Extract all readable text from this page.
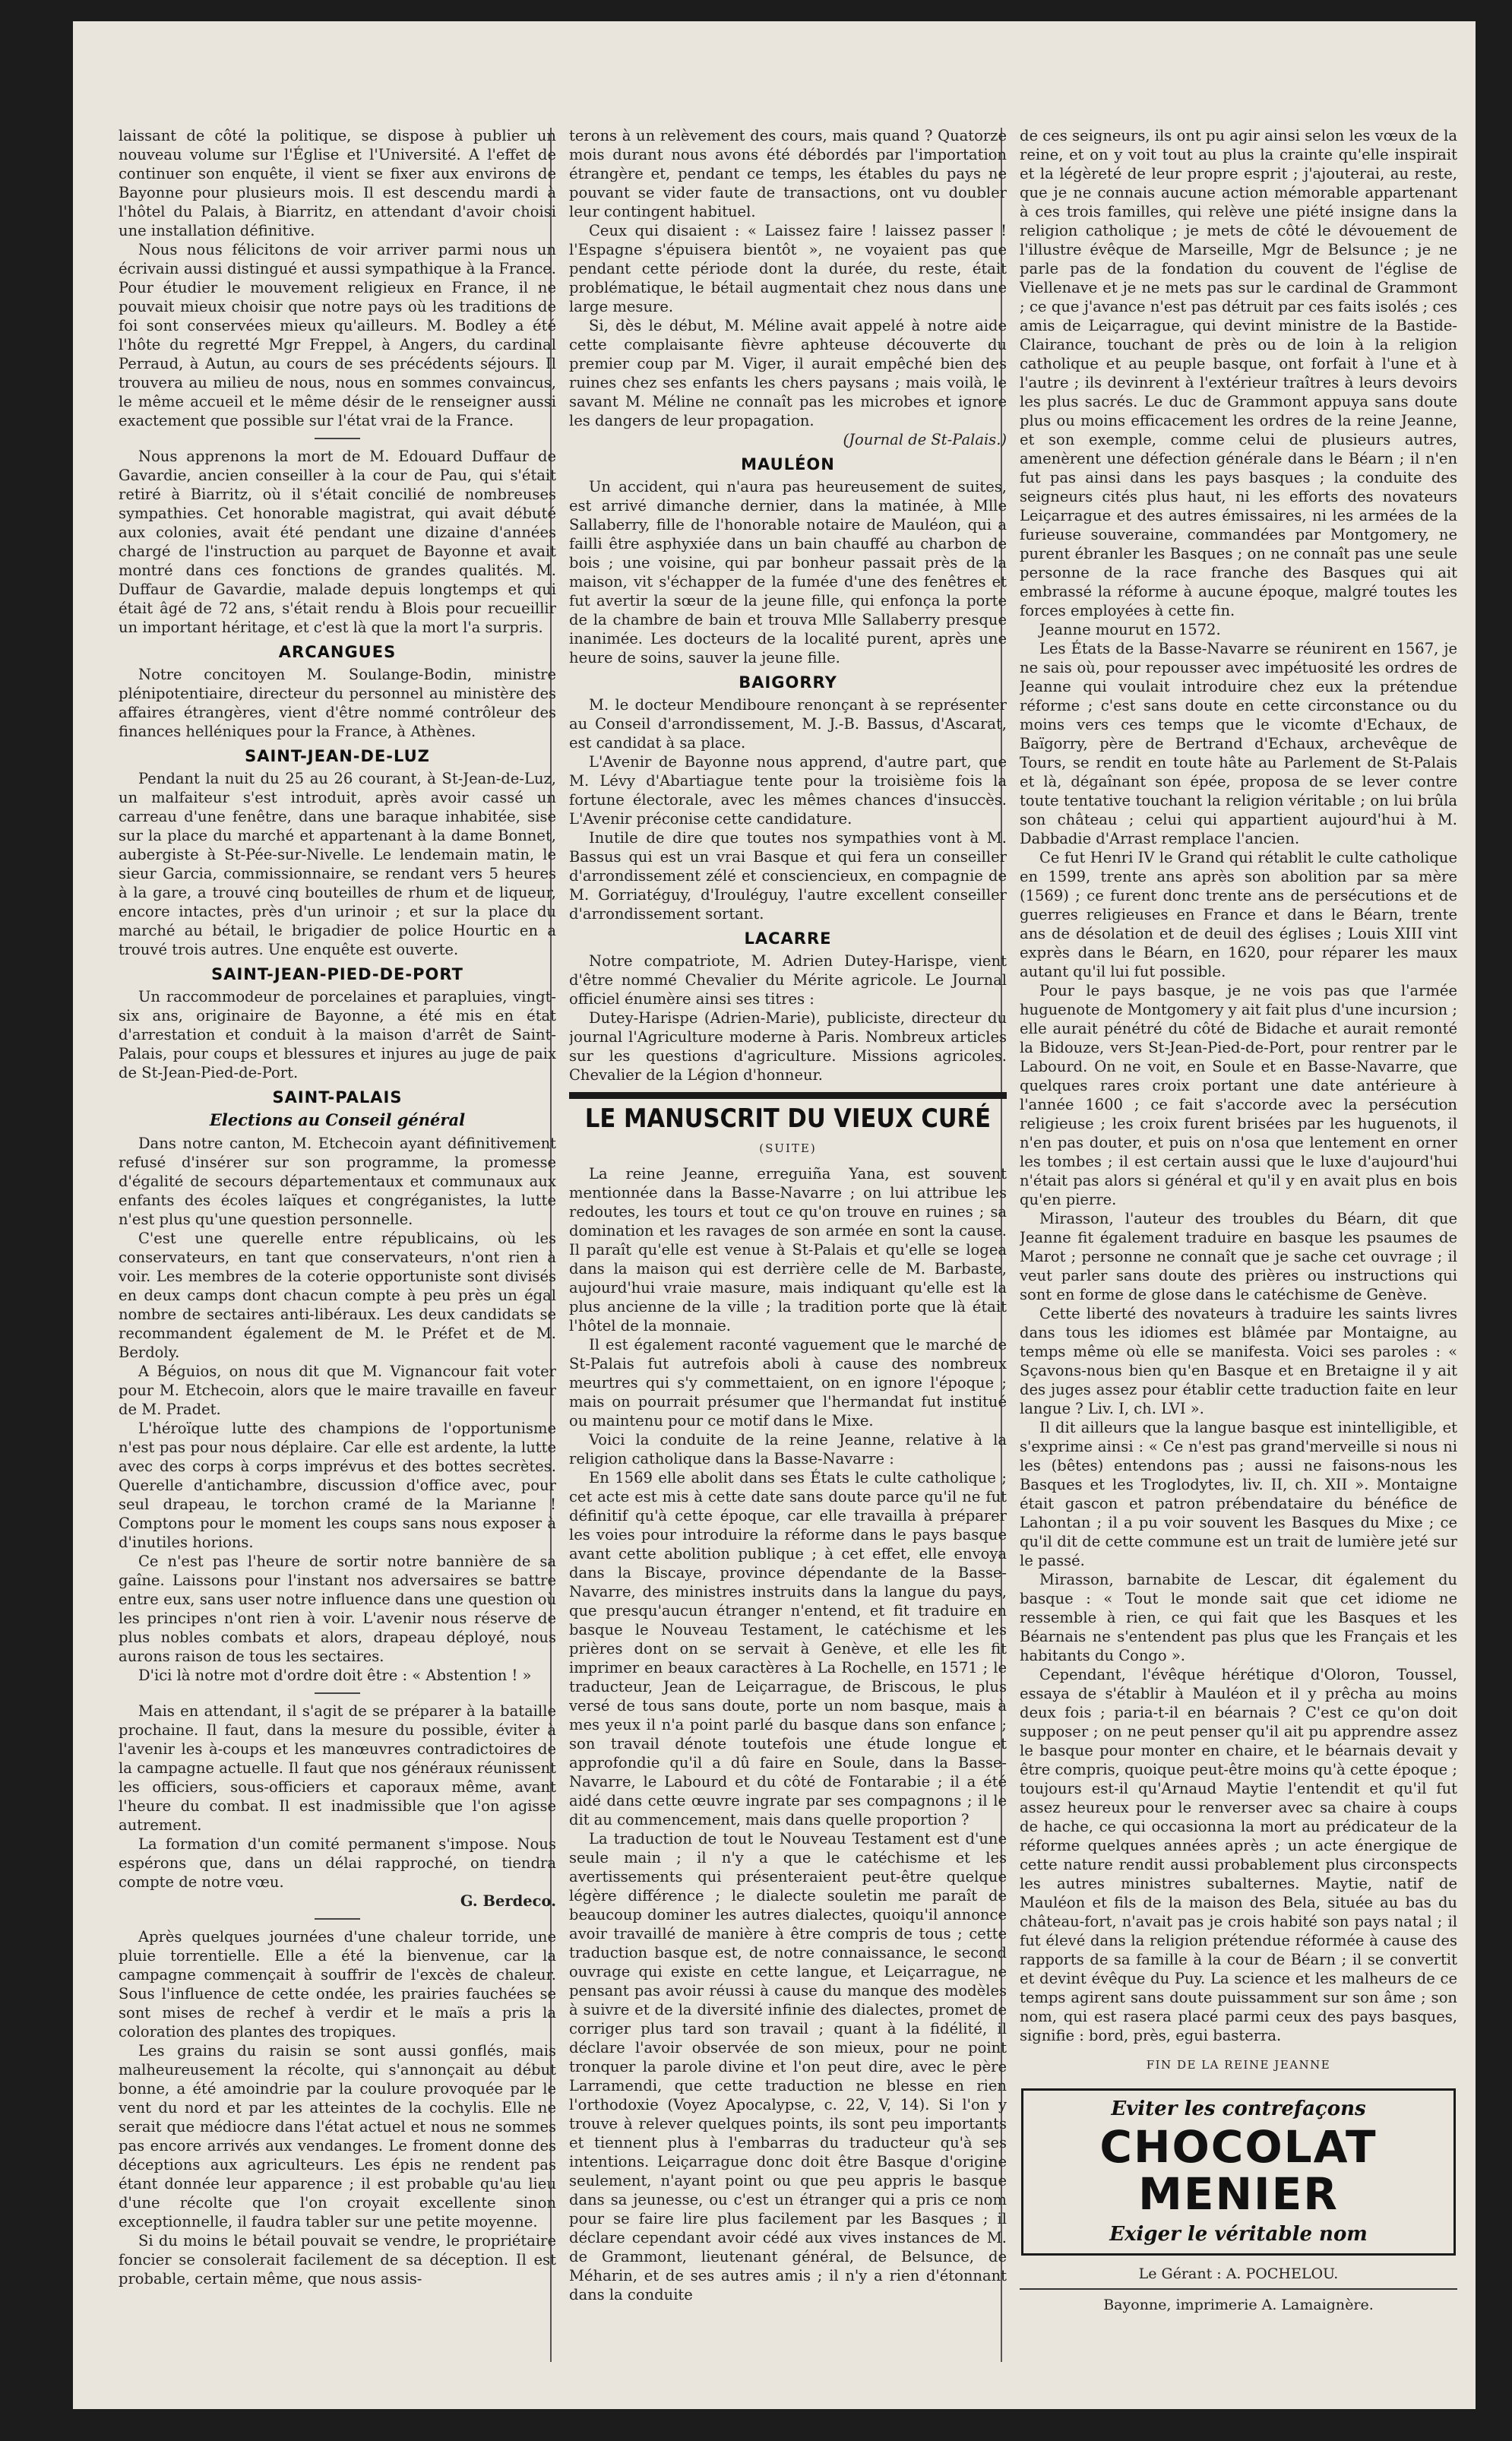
laissant de côté la politique, se dispose à publier un nouveau volume sur l'Église et l'Université. A l'effet de continuer son enquête, il vient se fixer aux environs de Bayonne pour plusieurs mois. Il est descendu mardi à l'hôtel du Palais, à Biarritz, en attendant d'avoir choisi une installation définitive.

Nous nous félicitons de voir arriver parmi nous un écrivain aussi distingué et aussi sympathique à la France. Pour étudier le mouvement religieux en France, il ne pouvait mieux choisir que notre pays où les traditions de foi sont conservées mieux qu'ailleurs. M. Bodley a été l'hôte du regretté Mgr Freppel, à Angers, du cardinal Perraud, à Autun, au cours de ses précédents séjours. Il trouvera au milieu de nous, nous en sommes convaincus, le même accueil et le même désir de le renseigner aussi exactement que possible sur l'état vrai de la France.

Nous apprenons la mort de M. Edouard Duffaur de Gavardie, ancien conseiller à la cour de Pau, qui s'était retiré à Biarritz, où il s'était concilié de nombreuses sympathies. Cet honorable magistrat, qui avait débuté aux colonies, avait été pendant une dizaine d'années chargé de l'instruction au parquet de Bayonne et avait montré dans ces fonctions de grandes qualités. M. Duffaur de Gavardie, malade depuis longtemps et qui était âgé de 72 ans, s'était rendu à Blois pour recueillir un important héritage, et c'est là que la mort l'a surpris.

ARCANGUES

Notre concitoyen M. Soulange-Bodin, ministre plénipotentiaire, directeur du personnel au ministère des affaires étrangères, vient d'être nommé contrôleur des finances helléniques pour la France, à Athènes.

SAINT-JEAN-DE-LUZ

Pendant la nuit du 25 au 26 courant, à St-Jean-de-Luz, un malfaiteur s'est introduit, après avoir cassé un carreau d'une fenêtre, dans une baraque inhabitée, sise sur la place du marché et appartenant à la dame Bonnet, aubergiste à St-Pée-sur-Nivelle. Le lendemain matin, le sieur Garcia, commissionnaire, se rendant vers 5 heures à la gare, a trouvé cinq bouteilles de rhum et de liqueur, encore intactes, près d'un urinoir ; et sur la place du marché au bétail, le brigadier de police Hourtic en a trouvé trois autres. Une enquête est ouverte.

SAINT-JEAN-PIED-DE-PORT

Un raccommodeur de porcelaines et parapluies, vingt-six ans, originaire de Bayonne, a été mis en état d'arrestation et conduit à la maison d'arrêt de Saint-Palais, pour coups et blessures et injures au juge de paix de St-Jean-Pied-de-Port.

SAINT-PALAIS
Elections au Conseil général

Dans notre canton, M. Etchecoin ayant définitivement refusé d'insérer sur son programme, la promesse d'égalité de secours départementaux et communaux aux enfants des écoles laïques et congréganistes, la lutte n'est plus qu'une question personnelle.

C'est une querelle entre républicains, où les conservateurs, en tant que conservateurs, n'ont rien à voir. Les membres de la coterie opportuniste sont divisés en deux camps dont chacun compte à peu près un égal nombre de sectaires anti-libéraux. Les deux candidats se recommandent également de M. le Préfet et de M. Berdoly.

A Béguios, on nous dit que M. Vignancour fait voter pour M. Etchecoin, alors que le maire travaille en faveur de M. Pradet.

L'héroïque lutte des champions de l'opportunisme n'est pas pour nous déplaire. Car elle est ardente, la lutte avec des corps à corps imprévus et des bottes secrètes. Querelle d'antichambre, discussion d'office avec, pour seul drapeau, le torchon cramé de la Marianne ! Comptons pour le moment les coups sans nous exposer à d'inutiles horions.

Ce n'est pas l'heure de sortir notre bannière de sa gaîne. Laissons pour l'instant nos adversaires se battre entre eux, sans user notre influence dans une question où les principes n'ont rien à voir. L'avenir nous réserve de plus nobles combats et alors, drapeau déployé, nous aurons raison de tous les sectaires.

D'ici là notre mot d'ordre doit être : « Abstention ! »

Mais en attendant, il s'agit de se préparer à la bataille prochaine. Il faut, dans la mesure du possible, éviter à l'avenir les à-coups et les manœuvres contradictoires de la campagne actuelle. Il faut que nos généraux réunissent les officiers, sous-officiers et caporaux même, avant l'heure du combat. Il est inadmissible que l'on agisse autrement.

La formation d'un comité permanent s'impose. Nous espérons que, dans un délai rapproché, on tiendra compte de notre vœu.

G. Berdeco.

Après quelques journées d'une chaleur torride, une pluie torrentielle. Elle a été la bienvenue, car la campagne commençait à souffrir de l'excès de chaleur. Sous l'influence de cette ondée, les prairies fauchées se sont mises de rechef à verdir et le maïs a pris la coloration des plantes des tropiques.

Les grains du raisin se sont aussi gonflés, mais malheureusement la récolte, qui s'annonçait au début bonne, a été amoindrie par la coulure provoquée par le vent du nord et par les atteintes de la cochylis. Elle ne serait que médiocre dans l'état actuel et nous ne sommes pas encore arrivés aux vendanges. Le froment donne des déceptions aux agriculteurs. Les épis ne rendent pas étant donnée leur apparence ; il est probable qu'au lieu d'une récolte que l'on croyait excellente sinon exceptionnelle, il faudra tabler sur une petite moyenne.

Si du moins le bétail pouvait se vendre, le propriétaire foncier se consolerait facilement de sa déception. Il est probable, certain même, que nous assis-

terons à un relèvement des cours, mais quand ? Quatorze mois durant nous avons été débordés par l'importation étrangère et, pendant ce temps, les étables du pays ne pouvant se vider faute de transactions, ont vu doubler leur contingent habituel.

Ceux qui disaient : « Laissez faire ! laissez passer ! l'Espagne s'épuisera bientôt », ne voyaient pas que pendant cette période dont la durée, du reste, était problématique, le bétail augmentait chez nous dans une large mesure.

Si, dès le début, M. Méline avait appelé à notre aide cette complaisante fièvre aphteuse découverte du premier coup par M. Viger, il aurait empêché bien des ruines chez ses enfants les chers paysans ; mais voilà, le savant M. Méline ne connaît pas les microbes et ignore les dangers de leur propagation.

(Journal de St-Palais.)

MAULÉON

Un accident, qui n'aura pas heureusement de suites, est arrivé dimanche dernier, dans la matinée, à Mlle Sallaberry, fille de l'honorable notaire de Mauléon, qui a failli être asphyxiée dans un bain chauffé au charbon de bois ; une voisine, qui par bonheur passait près de la maison, vit s'échapper de la fumée d'une des fenêtres et fut avertir la sœur de la jeune fille, qui enfonça la porte de la chambre de bain et trouva Mlle Sallaberry presque inanimée. Les docteurs de la localité purent, après une heure de soins, sauver la jeune fille.

BAIGORRY

M. le docteur Mendiboure renonçant à se représenter au Conseil d'arrondissement, M. J.-B. Bassus, d'Ascarat, est candidat à sa place.

L'Avenir de Bayonne nous apprend, d'autre part, que M. Lévy d'Abartiague tente pour la troisième fois la fortune électorale, avec les mêmes chances d'insuccès. L'Avenir préconise cette candidature.

Inutile de dire que toutes nos sympathies vont à M. Bassus qui est un vrai Basque et qui fera un conseiller d'arrondissement zélé et consciencieux, en compagnie de M. Gorriatéguy, d'Irouléguy, l'autre excellent conseiller d'arrondissement sortant.

LACARRE

Notre compatriote, M. Adrien Dutey-Harispe, vient d'être nommé Chevalier du Mérite agricole. Le Journal officiel énumère ainsi ses titres :

Dutey-Harispe (Adrien-Marie), publiciste, directeur du journal l'Agriculture moderne à Paris. Nombreux articles sur les questions d'agriculture. Missions agricoles. Chevalier de la Légion d'honneur.

LE MANUSCRIT DU VIEUX CURÉ
(SUITE)

La reine Jeanne, erreguiña Yana, est souvent mentionnée dans la Basse-Navarre ; on lui attribue les redoutes, les tours et tout ce qu'on trouve en ruines ; sa domination et les ravages de son armée en sont la cause. Il paraît qu'elle est venue à St-Palais et qu'elle se logea dans la maison qui est derrière celle de M. Barbaste, aujourd'hui vraie masure, mais indiquant qu'elle est la plus ancienne de la ville ; la tradition porte que là était l'hôtel de la monnaie.

Il est également raconté vaguement que le marché de St-Palais fut autrefois aboli à cause des nombreux meurtres qui s'y commettaient, on en ignore l'époque ; mais on pourrait présumer que l'hermandat fut institué ou maintenu pour ce motif dans le Mixe.

Voici la conduite de la reine Jeanne, relative à la religion catholique dans la Basse-Navarre :

En 1569 elle abolit dans ses États le culte catholique ; cet acte est mis à cette date sans doute parce qu'il ne fut définitif qu'à cette époque, car elle travailla à préparer les voies pour introduire la réforme dans le pays basque avant cette abolition publique ; à cet effet, elle envoya dans la Biscaye, province dépendante de la Basse-Navarre, des ministres instruits dans la langue du pays, que presqu'aucun étranger n'entend, et fit traduire en basque le Nouveau Testament, le catéchisme et les prières dont on se servait à Genève, et elle les fit imprimer en beaux caractères à La Rochelle, en 1571 ; le traducteur, Jean de Leiçarrague, de Briscous, le plus versé de tous sans doute, porte un nom basque, mais à mes yeux il n'a point parlé du basque dans son enfance ; son travail dénote toutefois une étude longue et approfondie qu'il a dû faire en Soule, dans la Basse-Navarre, le Labourd et du côté de Fontarabie ; il a été aidé dans cette œuvre ingrate par ses compagnons ; il le dit au commencement, mais dans quelle proportion ?

La traduction de tout le Nouveau Testament est d'une seule main ; il n'y a que le catéchisme et les avertissements qui présenteraient peut-être quelque légère différence ; le dialecte souletin me paraît de beaucoup dominer les autres dialectes, quoiqu'il annonce avoir travaillé de manière à être compris de tous ; cette traduction basque est, de notre connaissance, le second ouvrage qui existe en cette langue, et Leiçarrague, ne pensant pas avoir réussi à cause du manque des modèles à suivre et de la diversité infinie des dialectes, promet de corriger plus tard son travail ; quant à la fidélité, il déclare l'avoir observée de son mieux, pour ne point tronquer la parole divine et l'on peut dire, avec le père Larramendi, que cette traduction ne blesse en rien l'orthodoxie (Voyez Apocalypse, c. 22, V, 14). Si l'on y trouve à relever quelques points, ils sont peu importants et tiennent plus à l'embarras du traducteur qu'à ses intentions. Leiçarrague donc doit être Basque d'origine seulement, n'ayant point ou que peu appris le basque dans sa jeunesse, ou c'est un étranger qui a pris ce nom pour se faire lire plus facilement par les Basques ; il déclare cependant avoir cédé aux vives instances de M. de Grammont, lieutenant général, de Belsunce, de Méharin, et de ses autres amis ; il n'y a rien d'étonnant dans la conduite

de ces seigneurs, ils ont pu agir ainsi selon les vœux de la reine, et on y voit tout au plus la crainte qu'elle inspirait et la légèreté de leur propre esprit ; j'ajouterai, au reste, que je ne connais aucune action mémorable appartenant à ces trois familles, qui relève une piété insigne dans la religion catholique ; je mets de côté le dévouement de l'illustre évêque de Marseille, Mgr de Belsunce ; je ne parle pas de la fondation du couvent de l'église de Viellenave et je ne mets pas sur le cardinal de Grammont ; ce que j'avance n'est pas détruit par ces faits isolés ; ces amis de Leiçarrague, qui devint ministre de la Bastide-Clairance, touchant de près ou de loin à la religion catholique et au peuple basque, ont forfait à l'une et à l'autre ; ils devinrent à l'extérieur traîtres à leurs devoirs les plus sacrés. Le duc de Grammont appuya sans doute plus ou moins efficacement les ordres de la reine Jeanne, et son exemple, comme celui de plusieurs autres, amenèrent une défection générale dans le Béarn ; il n'en fut pas ainsi dans les pays basques ; la conduite des seigneurs cités plus haut, ni les efforts des novateurs Leiçarrague et des autres émissaires, ni les armées de la furieuse souveraine, commandées par Montgomery, ne purent ébranler les Basques ; on ne connaît pas une seule personne de la race franche des Basques qui ait embrassé la réforme à aucune époque, malgré toutes les forces employées à cette fin.

Jeanne mourut en 1572.

Les États de la Basse-Navarre se réunirent en 1567, je ne sais où, pour repousser avec impétuosité les ordres de Jeanne qui voulait introduire chez eux la prétendue réforme ; c'est sans doute en cette circonstance ou du moins vers ces temps que le vicomte d'Echaux, de Baïgorry, père de Bertrand d'Echaux, archevêque de Tours, se rendit en toute hâte au Parlement de St-Palais et là, dégaînant son épée, proposa de se lever contre toute tentative touchant la religion véritable ; on lui brûla son château ; celui qui appartient aujourd'hui à M. Dabbadie d'Arrast remplace l'ancien.

Ce fut Henri IV le Grand qui rétablit le culte catholique en 1599, trente ans après son abolition par sa mère (1569) ; ce furent donc trente ans de persécutions et de guerres religieuses en France et dans le Béarn, trente ans de désolation et de deuil des églises ; Louis XIII vint exprès dans le Béarn, en 1620, pour réparer les maux autant qu'il lui fut possible.

Pour le pays basque, je ne vois pas que l'armée huguenote de Montgomery y ait fait plus d'une incursion ; elle aurait pénétré du côté de Bidache et aurait remonté la Bidouze, vers St-Jean-Pied-de-Port, pour rentrer par le Labourd. On ne voit, en Soule et en Basse-Navarre, que quelques rares croix portant une date antérieure à l'année 1600 ; ce fait s'accorde avec la persécution religieuse ; les croix furent brisées par les huguenots, il n'en pas douter, et puis on n'osa que lentement en orner les tombes ; il est certain aussi que le luxe d'aujourd'hui n'était pas alors si général et qu'il y en avait plus en bois qu'en pierre.

Mirasson, l'auteur des troubles du Béarn, dit que Jeanne fit également traduire en basque les psaumes de Marot ; personne ne connaît que je sache cet ouvrage ; il veut parler sans doute des prières ou instructions qui sont en forme de glose dans le catéchisme de Genève.

Cette liberté des novateurs à traduire les saints livres dans tous les idiomes est blâmée par Montaigne, au temps même où elle se manifesta. Voici ses paroles : « Sçavons-nous bien qu'en Basque et en Bretaigne il y ait des juges assez pour établir cette traduction faite en leur langue ? Liv. I, ch. LVI ».

Il dit ailleurs que la langue basque est inintelligible, et s'exprime ainsi : « Ce n'est pas grand'merveille si nous ni les (bêtes) entendons pas ; aussi ne faisons-nous les Basques et les Troglodytes, liv. II, ch. XII ». Montaigne était gascon et patron prébendataire du bénéfice de Lahontan ; il a pu voir souvent les Basques du Mixe ; ce qu'il dit de cette commune est un trait de lumière jeté sur le passé.

Mirasson, barnabite de Lescar, dit également du basque : « Tout le monde sait que cet idiome ne ressemble à rien, ce qui fait que les Basques et les Béarnais ne s'entendent pas plus que les Français et les habitants du Congo ».

Cependant, l'évêque hérétique d'Oloron, Toussel, essaya de s'établir à Mauléon et il y prêcha au moins deux fois ; paria-t-il en béarnais ? C'est ce qu'on doit supposer ; on ne peut penser qu'il ait pu apprendre assez le basque pour monter en chaire, et le béarnais devait y être compris, quoique peut-être moins qu'à cette époque ; toujours est-il qu'Arnaud Maytie l'entendit et qu'il fut assez heureux pour le renverser avec sa chaire à coups de hache, ce qui occasionna la mort au prédicateur de la réforme quelques années après ; un acte énergique de cette nature rendit aussi probablement plus circonspects les autres ministres subalternes. Maytie, natif de Mauléon et fils de la maison des Bela, située au bas du château-fort, n'avait pas je crois habité son pays natal ; il fut élevé dans la religion prétendue réformée à cause des rapports de sa famille à la cour de Béarn ; il se convertit et devint évêque du Puy. La science et les malheurs de ce temps agirent sans doute puissamment sur son âme ; son nom, qui est rasera placé parmi ceux des pays basques, signifie : bord, près, egui basterra.

FIN DE LA REINE JEANNE
Eviter les contrefaçons
CHOCOLAT
MENIER
Exiger le véritable nom
Le Gérant : A. POCHELOU.
Bayonne, imprimerie A. Lamaignère.
